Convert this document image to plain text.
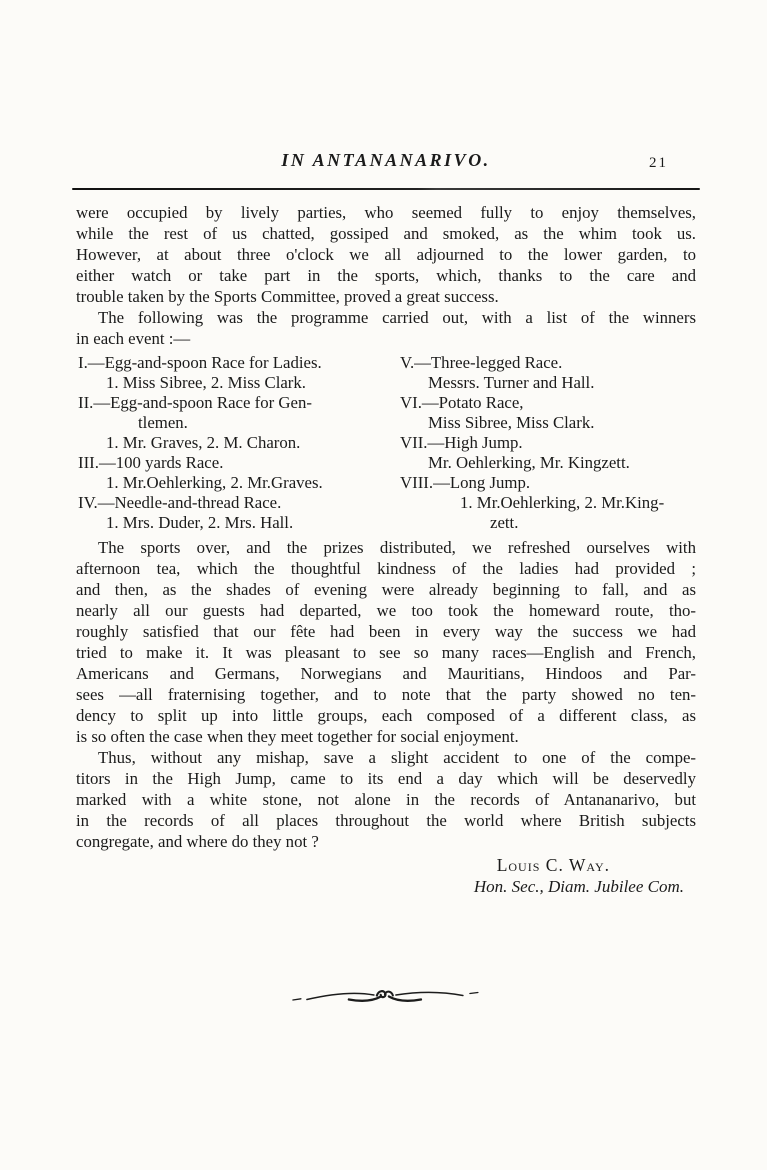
IN ANTANANARIVO.	21
were occupied by lively parties, who seemed fully to enjoy themselves,
while the rest of us chatted, gossiped and smoked, as the whim took us.
However, at about three o'clock we all adjourned to the lower garden, to
either watch or take part in the sports, which, thanks to the care and
trouble taken by the Sports Committee, proved a great success.
The following was the programme carried out, with a list of the winners
in each event :—
I.—Egg-and-spoon Race for Ladies.
1. Miss Sibree, 2. Miss Clark.
II.—Egg-and-spoon Race for Gen-
tlemen.
1. Mr. Graves, 2. M. Charon.
III.—100 yards Race.
1. Mr.Oehlerking, 2. Mr.Graves.
IV.—Needle-and-thread Race.
1. Mrs. Duder, 2. Mrs. Hall.
V.—Three-legged Race.
Messrs. Turner and Hall.
VI.—Potato Race,
Miss Sibree, Miss Clark.
VII.—High Jump.
Mr. Oehlerking, Mr. Kingzett.
VIII.—Long Jump.
1. Mr.Oehlerking, 2. Mr.King-
zett.
The sports over, and the prizes distributed, we refreshed ourselves with
afternoon tea, which the thoughtful kindness of the ladies had provided ;
and then, as the shades of evening were already beginning to fall, and as
nearly all our guests had departed, we too took the homeward route, tho-
roughly satisfied that our fête had been in every way the success we had
tried to make it. It was pleasant to see so many races—English and French,
Americans and Germans, Norwegians and Mauritians, Hindoos and Par-
sees —all fraternising together, and to note that the party showed no ten-
dency to split up into little groups, each composed of a different class, as
is so often the case when they meet together for social enjoyment.
Thus, without any mishap, save a slight accident to one of the compe-
titors in the High Jump, came to its end a day which will be deservedly
marked with a white stone, not alone in the records of Antananarivo, but
in the records of all places throughout the world where British subjects
congregate, and where do they not ?
Louis C. Way.
Hon. Sec., Diam. Jubilee Com.
